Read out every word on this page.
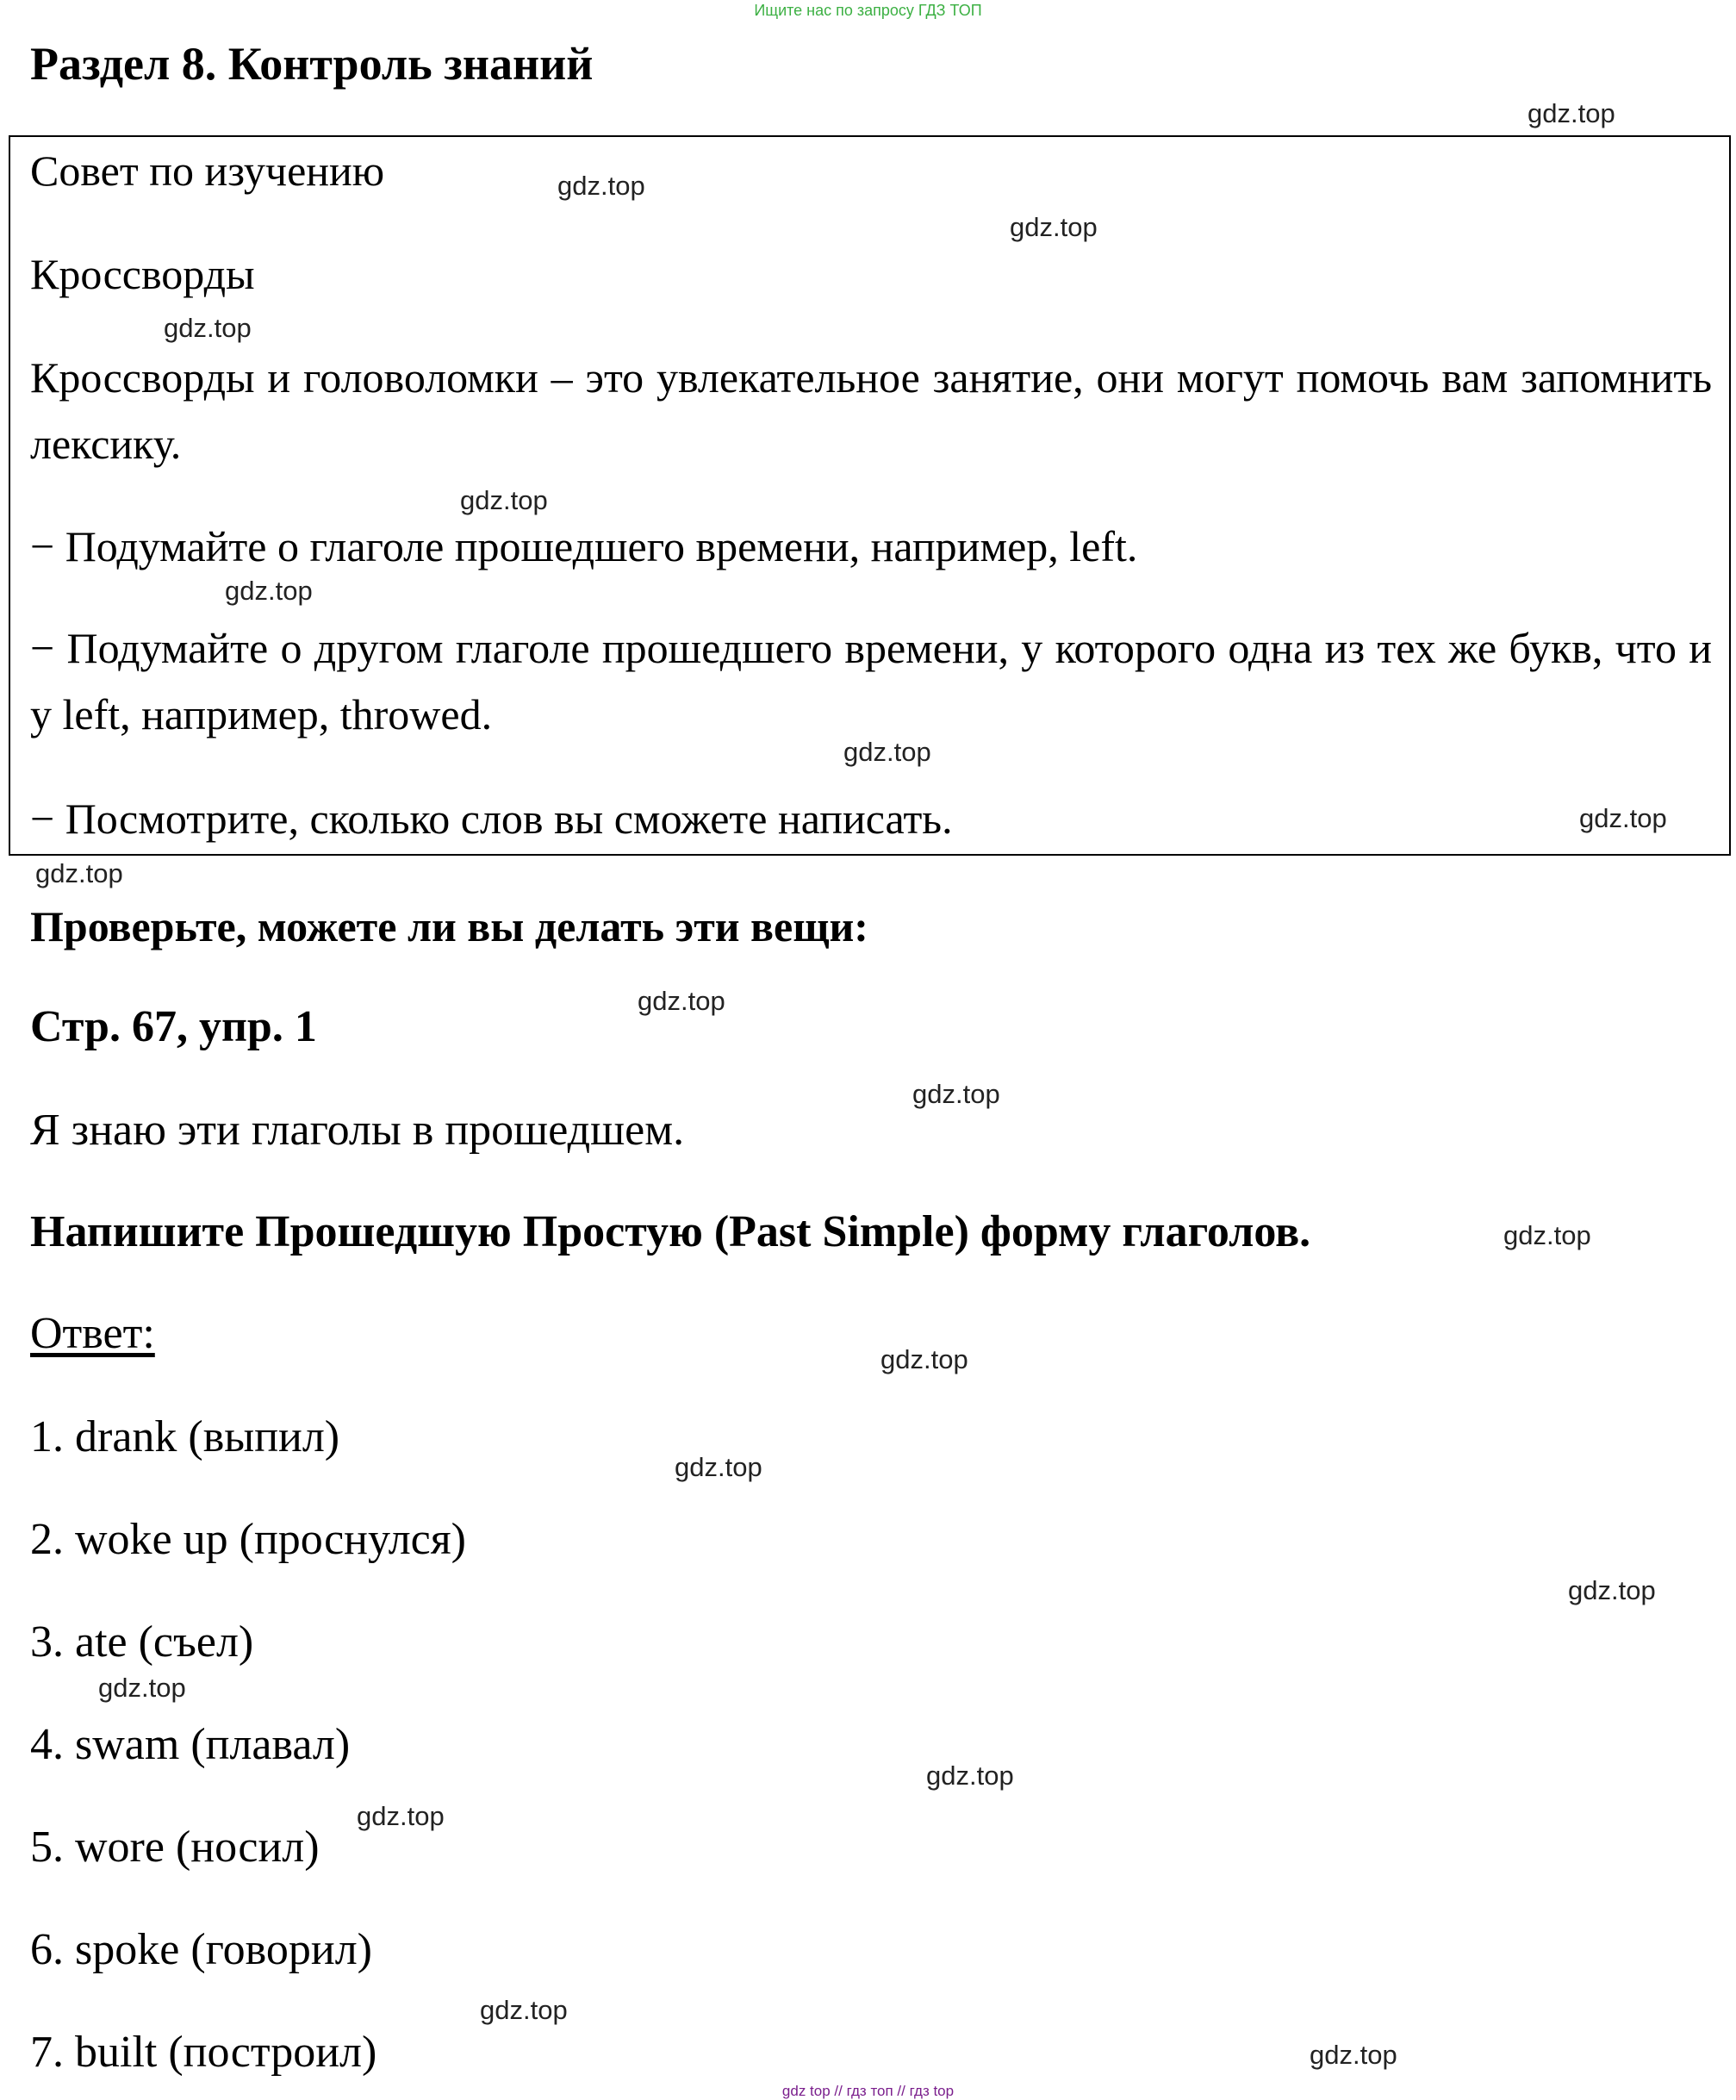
Ищите нас по запросу ГДЗ ТОП
Раздел 8. Контроль знаний
Совет по изучению
Кроссворды
Кроссворды и головоломки – это увлекательное занятие, они могут помочь вам запомнить лексику.
− Подумайте о глаголе прошедшего времени, например, left.
− Подумайте о другом глаголе прошедшего времени, у которого одна из тех же букв, что и у left, например, throwed.
− Посмотрите, сколько слов вы сможете написать.
Проверьте, можете ли вы делать эти вещи:
Стр. 67, упр. 1
Я знаю эти глаголы в прошедшем.
Напишите Прошедшую Простую (Past Simple) форму глаголов.
Ответ:
1. drank (выпил)
2. woke up (проснулся)
3. ate (съел)
4. swam (плавал)
5. wore (носил)
6. spoke (говорил)
7. built (построил)
gdz.top
gdz.top
gdz.top
gdz.top
gdz.top
gdz.top
gdz.top
gdz.top
gdz.top
gdz.top
gdz.top
gdz.top
gdz.top
gdz.top
gdz.top
gdz.top
gdz.top
gdz.top
gdz.top
gdz.top
gdz top // гдз топ // гдз top
